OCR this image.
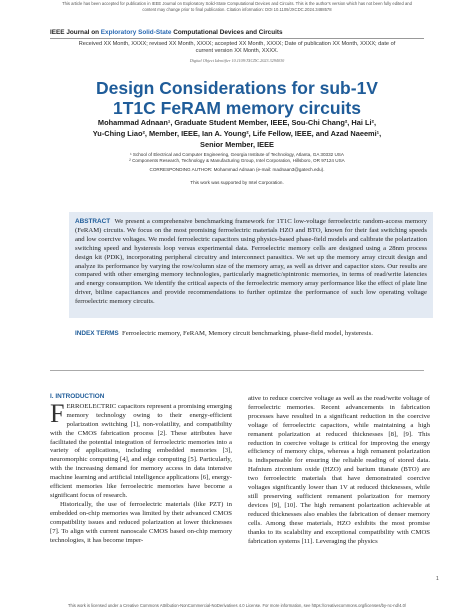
This article has been accepted for publication in IEEE Journal on Exploratory Solid-State Computational Devices and Circuits. This is the author's version which has not been fully edited and
content may change prior to final publication. Citation information: DOI 10.1109/JXCDC.2024.3488578
IEEE Journal on Exploratory Solid-State Computational Devices and Circuits
Received XX Month, XXXX; revised XX Month, XXXX; accepted XX Month, XXXX; Date of publication XX Month, XXXX; date of
current version XX Month, XXXX.
Digital Object Identifier 10.1109/JXCDC.2023.3294030
Design Considerations for sub-1V
1T1C FeRAM memory circuits
Mohammad Adnaan¹, Graduate Student Member, IEEE, Sou-Chi Chang², Hai Li²,
Yu-Ching Liao², Member, IEEE, Ian A. Young², Life Fellow, IEEE, and Azad Naeemi¹,
Senior Member, IEEE
¹ School of Electrical and Computer Engineering, Georgia Institute of Technology, Atlanta, GA 30332 USA
² Components Research, Technology & Manufacturing Group, Intel Corporation, Hillsboro, OR 97124 USA
CORRESPONDING AUTHOR: Mohammad Adnaan (e-mail: madnaan3@gatech.edu).
This work was supported by Intel Corporation.
ABSTRACT We present a comprehensive benchmarking framework for 1T1C low-voltage ferroelectric random-access memory (FeRAM) circuits. We focus on the most promising ferroelectric materials HZO and BTO, known for their fast switching speeds and low coercive voltages. We model ferroelectric capacitors using physics-based phase-field models and calibrate the polarization switching speed and hysteresis loop versus experimental data. Ferroelectric memory cells are designed using a 28nm process design kit (PDK), incorporating peripheral circuitry and interconnect parasitics. We set up the memory array circuit design and analyze its performance by varying the row/column size of the memory array, as well as driver and capacitor sizes. Our results are compared with other emerging memory technologies, particularly magnetic/spintronic memories, in terms of read/write latencies and energy consumption. We identify the critical aspects of the ferroelectric memory array performance like the effect of plate line driver, bitline capacitances and provide recommendations to further optimize the performance of such low operating voltage ferroelectric memory circuits.
INDEX TERMS Ferroelectric memory, FeRAM, Memory circuit benchmarking, phase-field model, hysteresis.
I. INTRODUCTION
FERROELECTRIC capacitors represent a promising emerging memory technology owing to their energy-efficient polarization switching [1], non-volatility, and compatibility with the CMOS fabrication process [2]. These attributes have facilitated the potential integration of ferroelectric memories into a variety of applications, including embedded memories [3], neuromorphic computing [4], and edge computing [5]. Particularly, with the increasing demand for memory access in data intensive machine learning and artificial intelligence applications [6], energy-efficient memories like ferroelectric memories have become a significant focus of research.
Historically, the use of ferroelectric materials (like PZT) in embedded on-chip memories was limited by their advanced CMOS compatibility issues and reduced polarization at lower thicknesses [7]. To align with current nanoscale CMOS based on-chip memory technologies, it has become imper-
ative to reduce coercive voltage as well as the read/write voltage of ferroelectric memories. Recent advancements in fabrication processes have resulted in a significant reduction in the coercive voltage of ferroelectric capacitors, while maintaining a high remanent polarization at reduced thicknesses [8], [9]. This reduction in coercive voltage is critical for improving the energy efficiency of memory chips, whereas a high remanent polarization is indispensable for ensuring the reliable reading of stored data. Hafnium zirconium oxide (HZO) and barium titanate (BTO) are two ferroelectric materials that have demonstrated coercive voltages significantly lower than 1V at reduced thicknesses, while still preserving sufficient remanent polarization for memory devices [9], [10]. The high remanent polarization achievable at reduced thicknesses also enables the fabrication of denser memory cells. Among these materials, HZO exhibits the most promise thanks to its scalability and exceptional compatibility with CMOS fabrication systems [11]. Leveraging the physics
1
This work is licensed under a Creative Commons Attribution-NonCommercial-NoDerivatives 4.0 License. For more information, see https://creativecommons.org/licenses/by-nc-nd/4.0/
